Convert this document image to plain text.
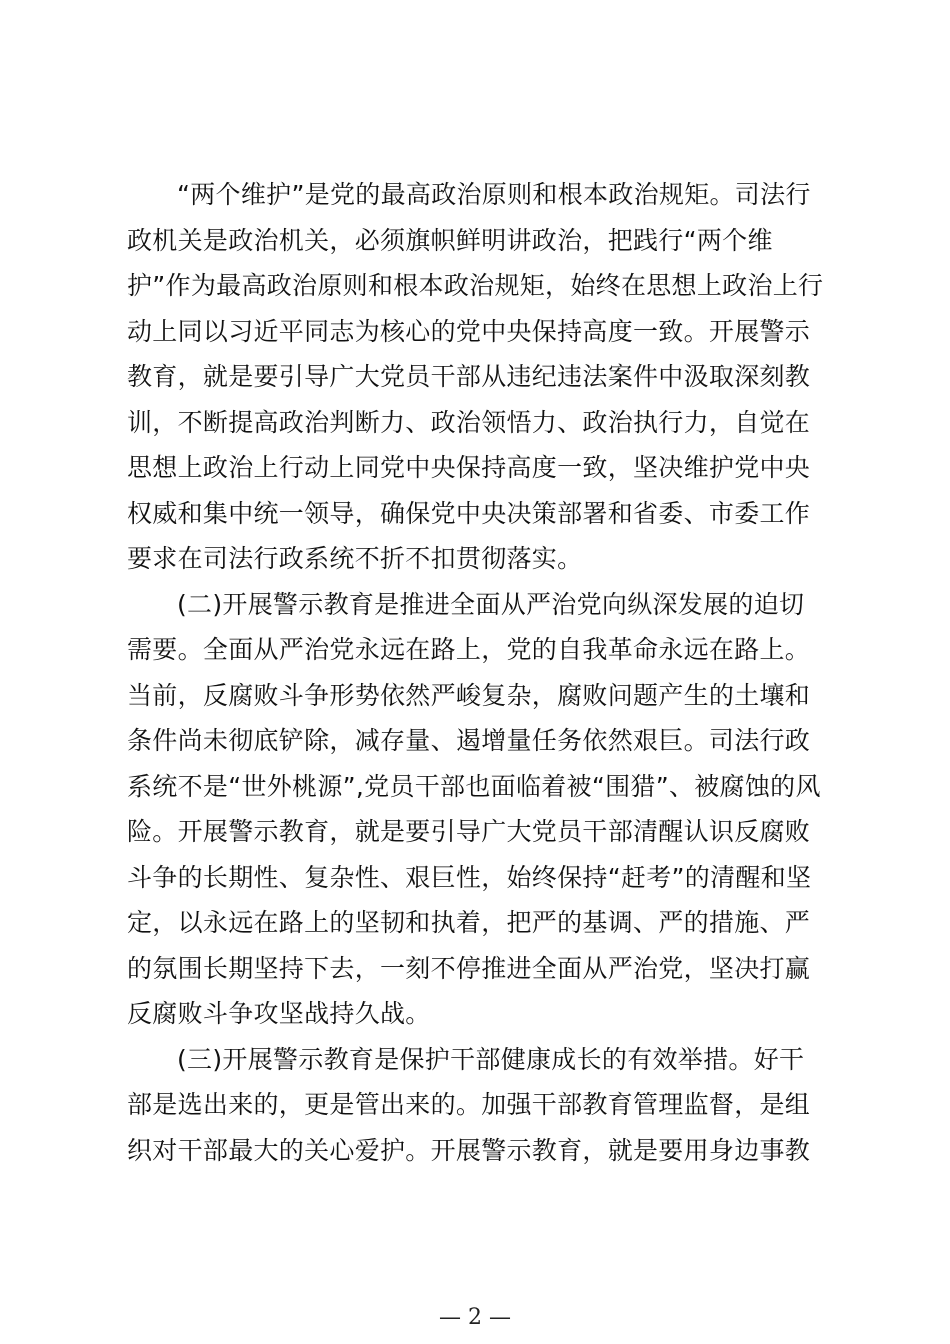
“两个维护”是党的最高政治原则和根本政治规矩。司法行
政机关是政治机关，必须旗帜鲜明讲政治，把践行“两个维
护”作为最高政治原则和根本政治规矩，始终在思想上政治上行
动上同以习近平同志为核心的党中央保持高度一致。开展警示
教育，就是要引导广大党员干部从违纪违法案件中汲取深刻教
训，不断提高政治判断力、政治领悟力、政治执行力，自觉在
思想上政治上行动上同党中央保持高度一致，坚决维护党中央
权威和集中统一领导，确保党中央决策部署和省委、市委工作
要求在司法行政系统不折不扣贯彻落实。
(二)开展警示教育是推进全面从严治党向纵深发展的迫切
需要。全面从严治党永远在路上，党的自我革命永远在路上。
当前，反腐败斗争形势依然严峻复杂，腐败问题产生的土壤和
条件尚未彻底铲除，减存量、遏增量任务依然艰巨。司法行政
系统不是“世外桃源”,党员干部也面临着被“围猎”、被腐蚀的风
险。开展警示教育，就是要引导广大党员干部清醒认识反腐败
斗争的长期性、复杂性、艰巨性，始终保持“赶考”的清醒和坚
定，以永远在路上的坚韧和执着，把严的基调、严的措施、严
的氛围长期坚持下去，一刻不停推进全面从严治党，坚决打赢
反腐败斗争攻坚战持久战。
(三)开展警示教育是保护干部健康成长的有效举措。好干
部是选出来的，更是管出来的。加强干部教育管理监督，是组
织对干部最大的关心爱护。开展警示教育，就是要用身边事教
— 2 —
